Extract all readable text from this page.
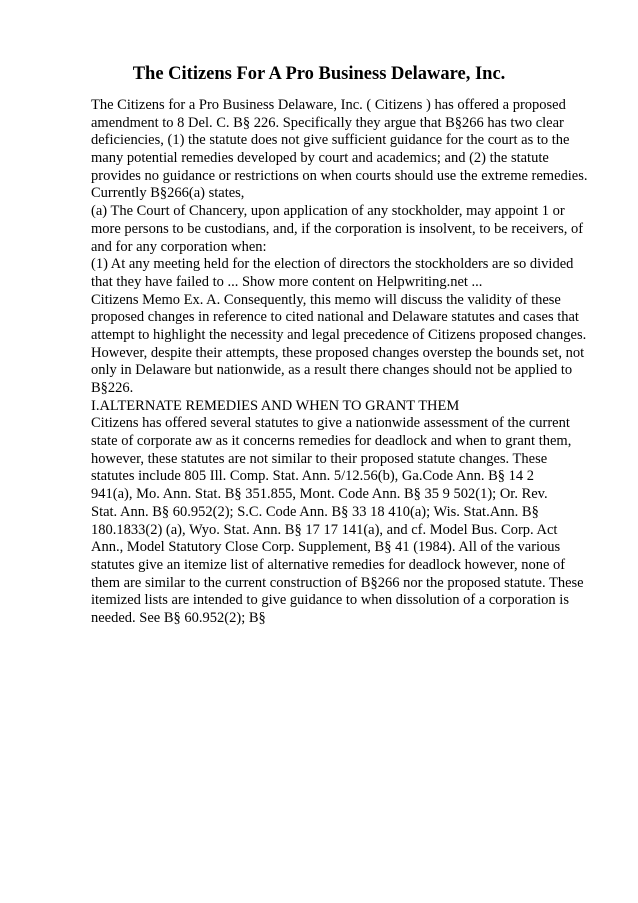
The Citizens For A Pro Business Delaware, Inc.
The Citizens for a Pro Business Delaware, Inc. ( Citizens ) has offered a proposed
amendment to 8 Del. C. B§ 226. Specifically they argue that B§266 has two clear
deficiencies, (1) the statute does not give sufficient guidance for the court as to the
many potential remedies developed by court and academics; and (2) the statute
provides no guidance or restrictions on when courts should use the extreme remedies.
Currently B§266(a) states,
(a) The Court of Chancery, upon application of any stockholder, may appoint 1 or
more persons to be custodians, and, if the corporation is insolvent, to be receivers, of
and for any corporation when:
(1) At any meeting held for the election of directors the stockholders are so divided
that they have failed to ... Show more content on Helpwriting.net ...
Citizens Memo Ex. A. Consequently, this memo will discuss the validity of these
proposed changes in reference to cited national and Delaware statutes and cases that
attempt to highlight the necessity and legal precedence of Citizens proposed changes.
However, despite their attempts, these proposed changes overstep the bounds set, not
only in Delaware but nationwide, as a result there changes should not be applied to
B§226.
I.ALTERNATE REMEDIES AND WHEN TO GRANT THEM
Citizens has offered several statutes to give a nationwide assessment of the current
state of corporate aw as it concerns remedies for deadlock and when to grant them,
however, these statutes are not similar to their proposed statute changes. These
statutes include 805 Ill. Comp. Stat. Ann. 5/12.56(b), Ga.Code Ann. B§ 14 2
941(a), Mo. Ann. Stat. B§ 351.855, Mont. Code Ann. B§ 35 9 502(1); Or. Rev.
Stat. Ann. B§ 60.952(2); S.C. Code Ann. B§ 33 18 410(a); Wis. Stat.Ann. B§
180.1833(2) (a), Wyo. Stat. Ann. B§ 17 17 141(a), and cf. Model Bus. Corp. Act
Ann., Model Statutory Close Corp. Supplement, B§ 41 (1984). All of the various
statutes give an itemize list of alternative remedies for deadlock however, none of
them are similar to the current construction of B§266 nor the proposed statute. These
itemized lists are intended to give guidance to when dissolution of a corporation is
needed. See B§ 60.952(2); B§
